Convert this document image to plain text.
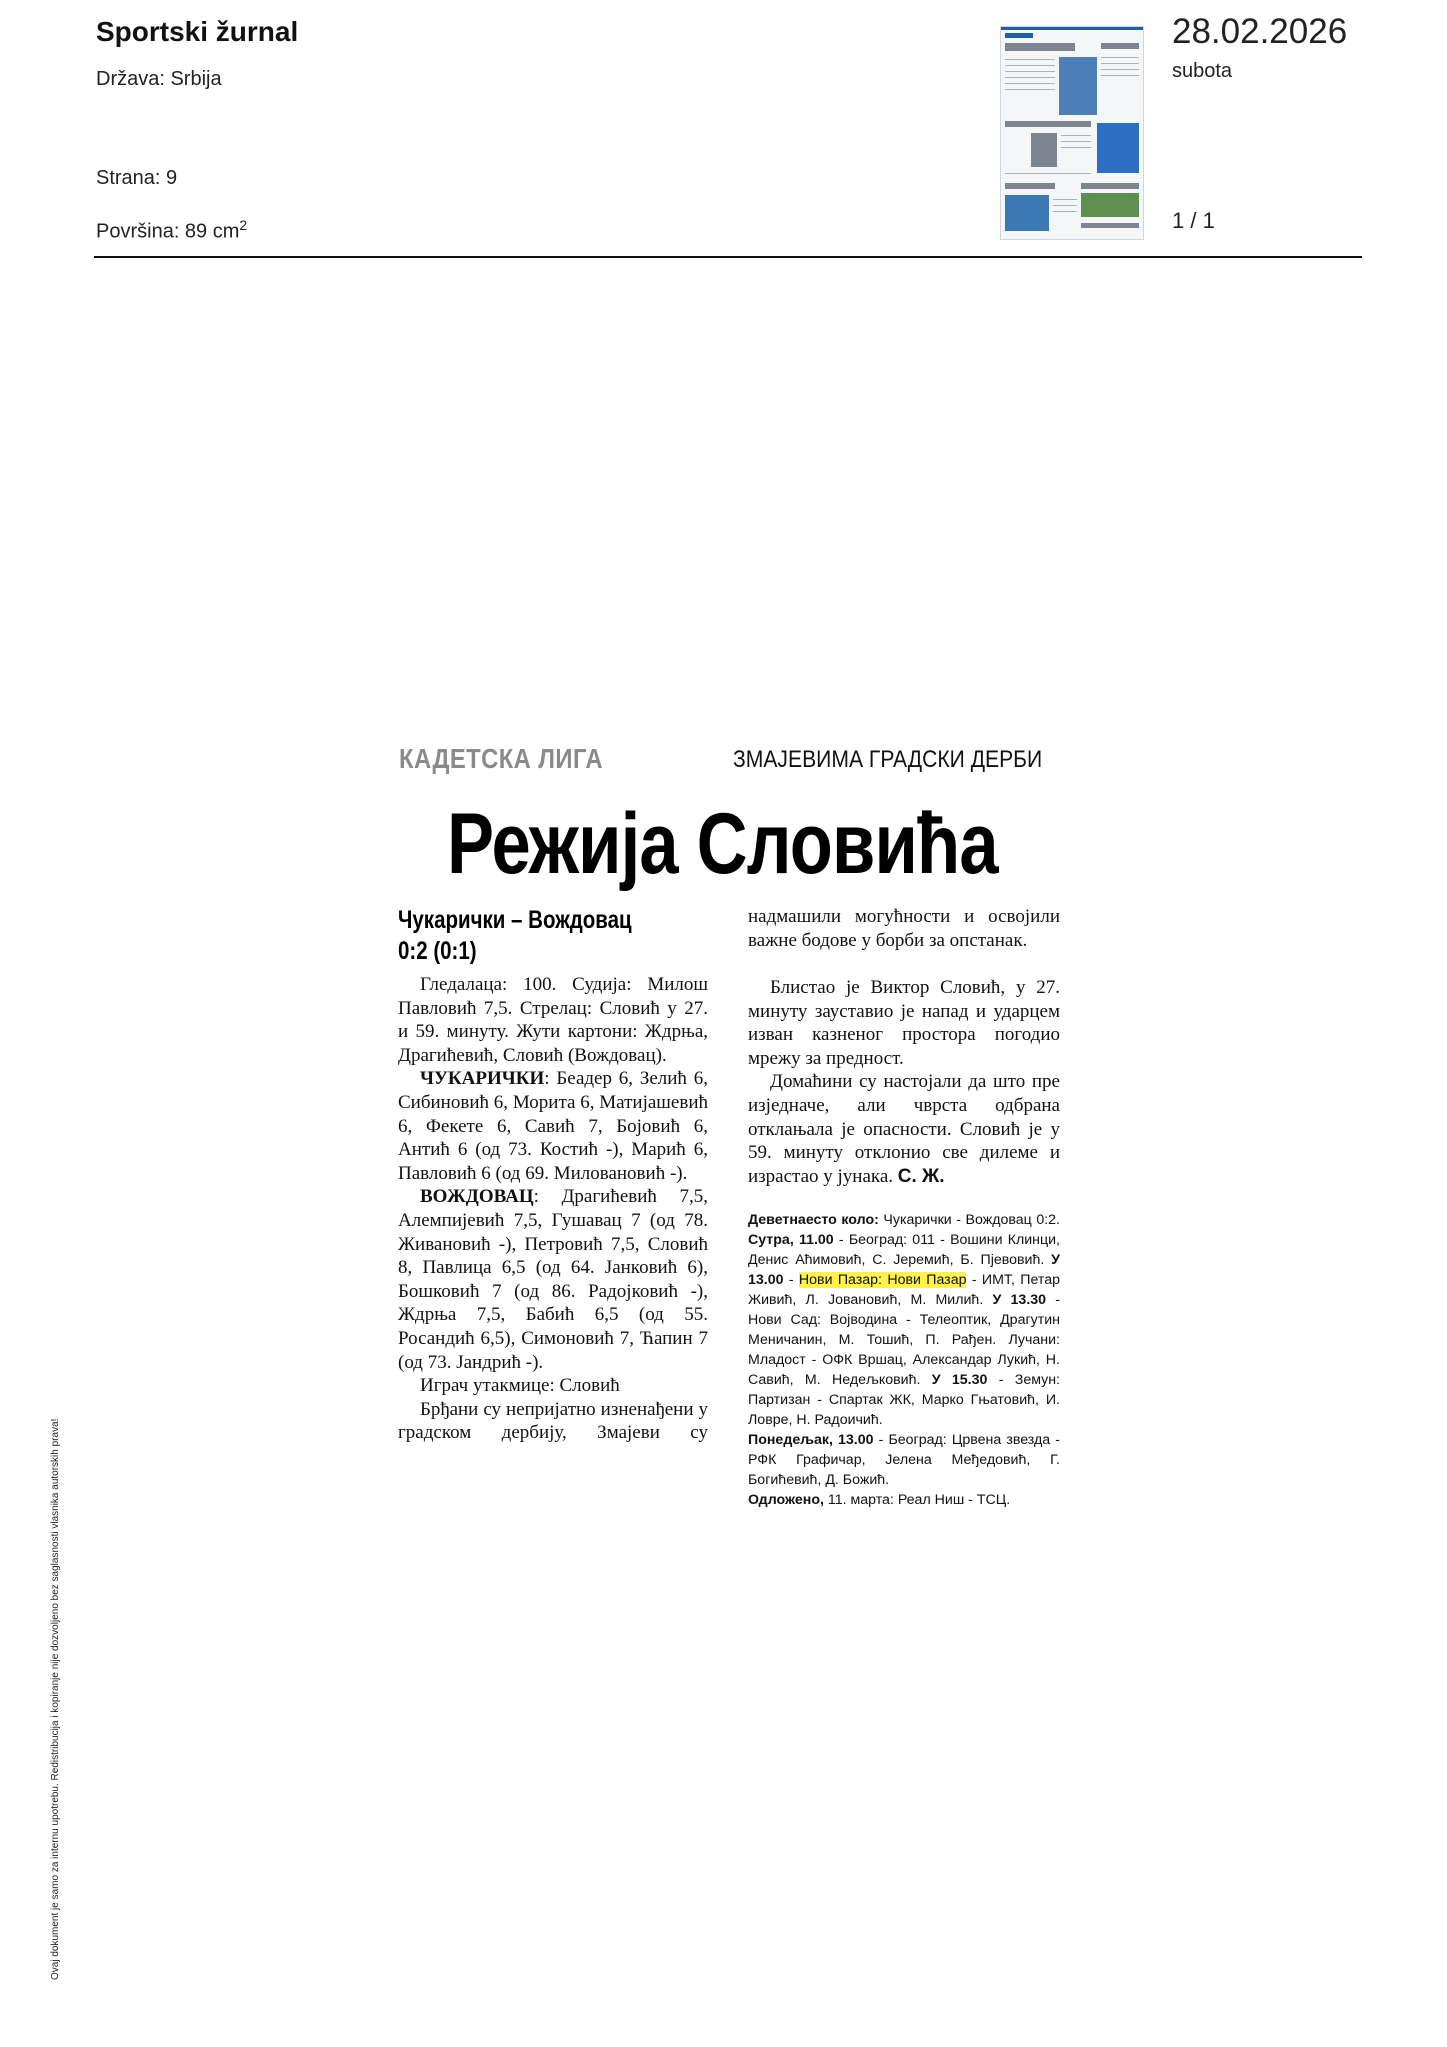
Sportski žurnal
Država: Srbija
Strana: 9
Površina: 89 $cm^2$
28.02.2026
subota
1 / 1
Ovaj dokument je samo za internu upotrebu. Redistribucija i kopiranje nije dozvoljeno bez saglasnosti vlasnika autorskih prava!
КАДЕТСКА ЛИГА	ЗМАЈЕВИМА ГРАДСКИ ДЕРБИ
Режија Словића
Чукарички – Вождовац
0:2 (0:1)

Гледалаца: 100. Судија: Милош Павловић 7,5. Стрелац: Словић у 27. и 59. минуту. Жути картони: Ждрња, Драгићевић, Словић (Вождовац).

ЧУКАРИЧКИ: Беадер 6, Зелић 6, Сибиновић 6, Морита 6, Матијашевић 6, Фекете 6, Савић 7, Бојовић 6, Антић 6 (од 73. Костић -), Марић 6, Павловић 6 (од 69. Миловановић -).

ВОЖДОВАЦ: Драгићевић 7,5, Алемпијевић 7,5, Гушавац 7 (од 78. Живановић -), Петровић 7,5, Словић 8, Павлица 6,5 (од 64. Јанковић 6), Бошковић 7 (од 86. Радојковић -), Ждрња 7,5, Бабић 6,5 (од 55. Росандић 6,5), Симоновић 7, Ћапин 7 (од 73. Јандрић -).

Играч утакмице: Словић

Брђани су непријатно изненађени у градском дербију, Змајеви су

надмашили могућности и освојили важне бодове у борби за опстанак.

Блистао је Виктор Словић, у 27. минуту зауставио је напад и ударцем изван казненог простора погодио мрежу за предност.

Домаћини су настојали да што пре изједначе, али чврста одбрана отклањала је опасности. Словић је у 59. минуту отклонио све дилеме и израстао у јунака. С. Ж.

Деветнаесто коло: Чукарички - Вождовац 0:2. Сутра, 11.00 - Београд: 011 - Вошини Клинци, Денис Аћимовић, С. Јеремић, Б. Пјевовић. У 13.00 - Нови Пазар: Нови Пазар - ИМТ, Петар Живић, Л. Јовановић, М. Милић. У 13.30 - Нови Сад: Војводина - Телеоптик, Драгутин Меничанин, М. Тошић, П. Рађен. Лучани: Младост - ОФК Вршац, Александар Лукић, Н. Савић, М. Недељковић. У 15.30 - Земун: Партизан - Спартак ЖК, Марко Гњатовић, И. Ловре, Н. Радоичић.
Понедељак, 13.00 - Београд: Црвена звезда - РФК Графичар, Јелена Међедовић, Г. Богићевић, Д. Божић.
Одложено, 11. марта: Реал Ниш - ТСЦ.
